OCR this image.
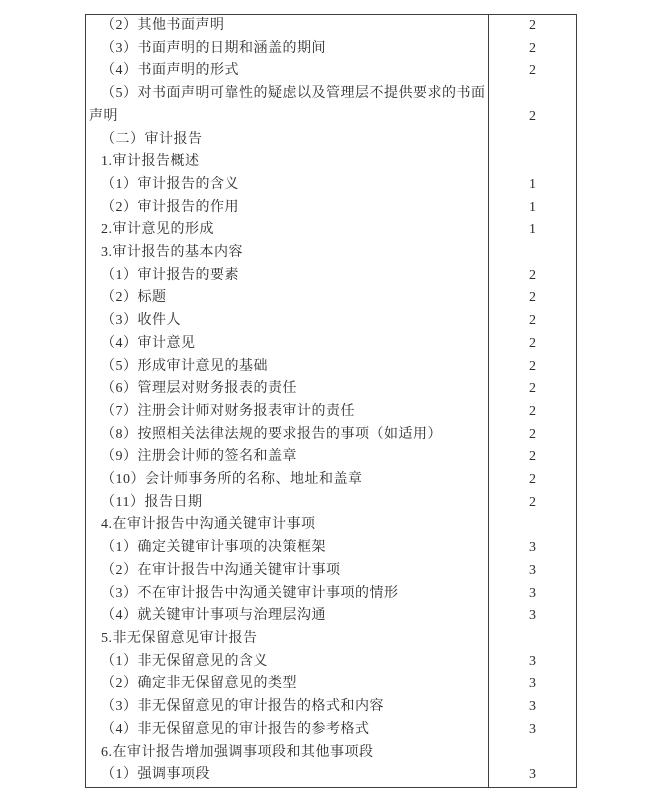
（2）其他书面声明	2
（3）书面声明的日期和涵盖的期间	2
（4）书面声明的形式	2
（5）对书面声明可靠性的疑虑以及管理层不提供要求的书面
声明	2
（二）审计报告
1.审计报告概述
（1）审计报告的含义	1
（2）审计报告的作用	1
2.审计意见的形成	1
3.审计报告的基本内容
（1）审计报告的要素	2
（2）标题	2
（3）收件人	2
（4）审计意见	2
（5）形成审计意见的基础	2
（6）管理层对财务报表的责任	2
（7）注册会计师对财务报表审计的责任	2
（8）按照相关法律法规的要求报告的事项（如适用）	2
（9）注册会计师的签名和盖章	2
（10）会计师事务所的名称、地址和盖章	2
（11）报告日期	2
4.在审计报告中沟通关键审计事项
（1）确定关键审计事项的决策框架	3
（2）在审计报告中沟通关键审计事项	3
（3）不在审计报告中沟通关键审计事项的情形	3
（4）就关键审计事项与治理层沟通	3
5.非无保留意见审计报告
（1）非无保留意见的含义	3
（2）确定非无保留意见的类型	3
（3）非无保留意见的审计报告的格式和内容	3
（4）非无保留意见的审计报告的参考格式	3
6.在审计报告增加强调事项段和其他事项段
（1）强调事项段	3
